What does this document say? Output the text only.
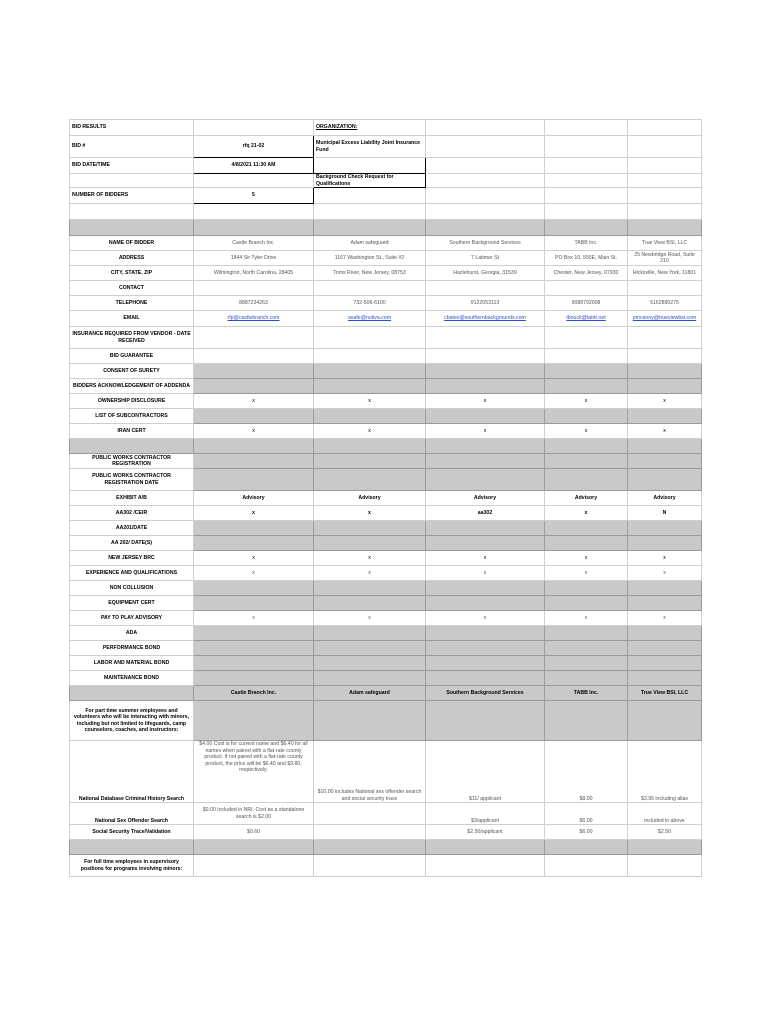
BID RESULTS		ORGANIZATION:			
BID #	rfq 21-02	Municipal Excess Liability Joint Insurance Fund			
BID DATE/TIME	4/8/2021 11:30 AM				
		Background Check Request for Qualifications			
NUMBER OF BIDDERS	5				

NAME OF BIDDER	Castle Branch Inc.	Adam safeguard	Southern Background Services	TABB Inc.	True View BSI, LLC
ADDRESS	1844 Sir Tyler Drive	1167 Washington St., Suite #2	7 Latimer St	PO Box 10, 555E, Main St.	25 Newbridge Road, Suite 210
CITY, STATE, ZIP	Wilmington, North Carolina, 28405	Toms River, New Jersey, 08753	Hazlehurst, Georgia, 31539	Chester, New Jersey, 07930	Hicksville, New York, 11801
CONTACT					
TELEPHONE	8887234263	732-506-6100	9122053113	9088792008	5162890275
EMAIL	rfp@castlebranch.com	asafe@nutiva.com	cbates@southernbackgrounds.com	tbouck@tabb.net	pmcanny@trueviewbsi.com
INSURANCE REQUIRED FROM VENDOR - DATE RECEIVED					
BID GUARANTEE					
CONSENT OF SURETY					
BIDDERS ACKNOWLEDGEMENT OF ADDENDA					
OWNERSHIP DISCLOSURE	x	x	x	x	x
LIST OF SUBCONTRACTORS					
IRAN CERT	x	x	x	x	x

PUBLIC WORKS CONTRACTOR REGISTRATION					
PUBLIC WORKS CONTRACTOR REGISTRATION DATE					
EXHIBIT A/B	Advisory	Advisory	Advisory	Advisory	Advisory
AA302 /CEIR	x	x	aa302	x	N
AA201/DATE					
AA 202/ DATE(S)					
NEW JERSEY BRC	x	x	x	x	x
EXPERIENCE AND QUALIFICATIONS	x	x	x	x	x
NON COLLUSION					
EQUIPMENT CERT					
PAY TO PLAY ADVISORY	x	x	x	x	x
ADA					
PERFORMANCE BOND					
LABOR AND MATERIAL BOND					
MAINTENANCE BOND					
	Castle Branch Inc.	Adam safeguard	Southern Background Services	TABB Inc.	True View BSI, LLC
For part time summer employees and volunteers who will be interacting with minors, including but not limited to lifeguards, camp counselors, coaches, and instructors:					
National Database Criminal History Search	$4.00 Cost is for current name and $6.40 for all names when paired with a flat-rate county product. If not paired with a flat-rate county product, the price will be $6.40 and $9.80, respectively.	$10.00 includes National sex offender search and social security trace	$11/ applicant	$8.00	$3.95 including alias
National Sex Offender Search	$0.00 Included in NRI. Cost as a standalone search is $2.00		$3/applicant	$6.00	included in above
Social Security Trace/Validation	$0.60		$2.50/applicant	$6.00	$2.50

For full time employees in supervisory positions for programs involving minors:					
